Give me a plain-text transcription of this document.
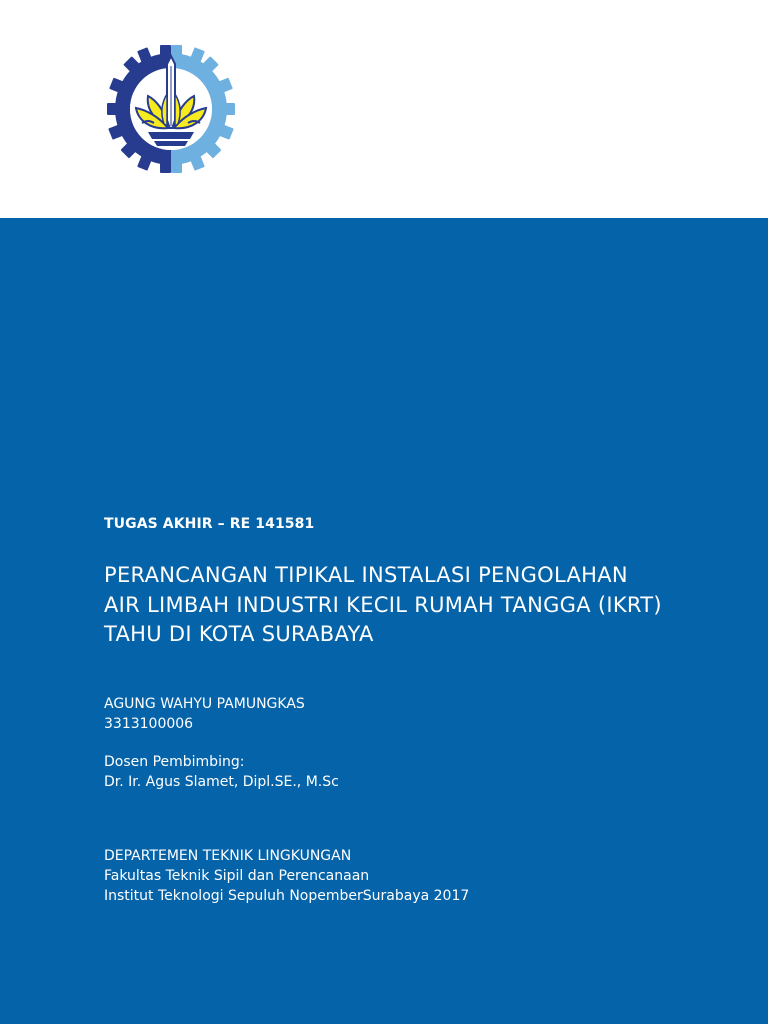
TUGAS AKHIR – RE 141581

PERANCANGAN TIPIKAL INSTALASI PENGOLAHAN AIR LIMBAH INDUSTRI KECIL RUMAH TANGGA (IKRT) TAHU DI KOTA SURABAYA

AGUNG WAHYU PAMUNGKAS

3313100006

Dosen Pembimbing:

Dr. Ir. Agus Slamet, Dipl.SE., M.Sc

DEPARTEMEN TEKNIK LINGKUNGAN

Fakultas Teknik Sipil dan Perencanaan

Institut Teknologi Sepuluh NopemberSurabaya 2017
